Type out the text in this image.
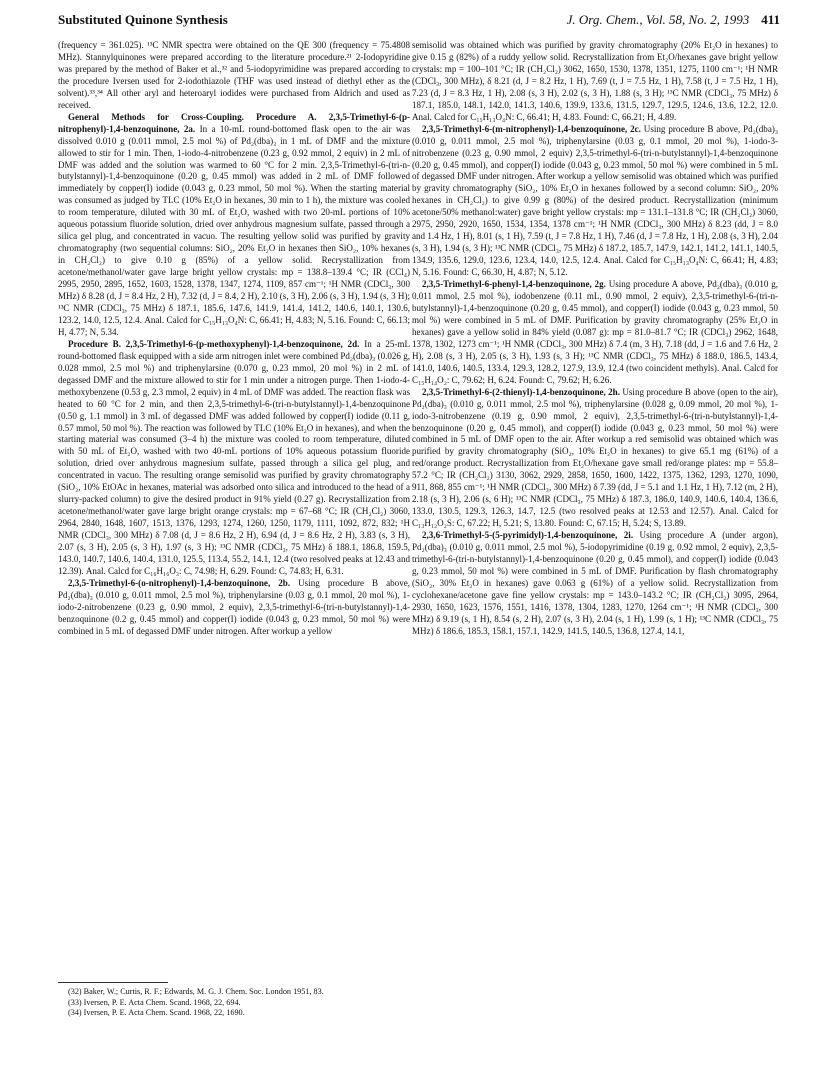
Substituted Quinone Synthesis	J. Org. Chem., Vol. 58, No. 2, 1993 411

(frequency = 361.025). ¹³C NMR spectra were obtained on the QE 300 (frequency = 75.4808 MHz). Stannylquinones were prepared according to the literature procedure.²¹ 2-Iodopyridine was prepared by the method of Baker et al.,³² and 5-iodopyrimidine was prepared according to the procedure Iversen used for 2-iodothiazole (THF was used instead of diethyl ether as the solvent).³³,³⁴ All other aryl and heteroaryl iodides were purchased from Aldrich and used as received.

General Methods for Cross-Coupling. Procedure A. 2,3,5-Trimethyl-6-(p-nitrophenyl)-1,4-benzoquinone, 2a. In a 10-mL round-bottomed flask open to the air was dissolved 0.010 g (0.011 mmol, 2.5 mol %) of Pd₂(dba)₃ in 1 mL of DMF and the mixture allowed to stir for 1 min. Then, 1-iodo-4-nitrobenzene (0.23 g, 0.92 mmol, 2 equiv) in 2 mL of DMF was added and the solution was warmed to 60 °C for 2 min. 2,3,5-Trimethyl-6-(tri-n-butylstannyl)-1,4-benzoquinone (0.20 g, 0.45 mmol) was added in 2 mL of DMF followed immediately by copper(I) iodide (0.043 g, 0.23 mmol, 50 mol %). When the starting material was consumed as judged by TLC (10% Et₂O in hexanes, 30 min to 1 h), the mixture was cooled to room temperature, diluted with 30 mL of Et₂O, washed with two 20-mL portions of 10% aqueous potassium fluoride solution, dried over anhydrous magnesium sulfate, passed through a silica gel plug, and concentrated in vacuo. The resulting yellow solid was purified by gravity chromatography (two sequential columns: SiO₂, 20% Et₂O in hexanes then SiO₂, 10% hexanes in CH₂Cl₂) to give 0.10 g (85%) of a yellow solid. Recrystallization from acetone/methanol/water gave large bright yellow crystals: mp = 138.8–139.4 °C; IR (CCl₄) 2995, 2950, 2895, 1652, 1603, 1528, 1378, 1347, 1274, 1109, 857 cm⁻¹; ¹H NMR (CDCl₃, 300 MHz) δ 8.28 (d, J = 8.4 Hz, 2 H), 7.32 (d, J = 8.4, 2 H), 2.10 (s, 3 H), 2.06 (s, 3 H), 1.94 (s, 3 H); ¹³C NMR (CDCl₃, 75 MHz) δ 187.1, 185.6, 147.6, 141.9, 141.4, 141.2, 140.6, 140.1, 130.6, 123.2, 14.0, 12.5, 12.4. Anal. Calcd for C₁₅H₁₃O₄N: C, 66.41; H, 4.83; N, 5.16. Found: C, 66.13; H, 4.77; N, 5.34.

Procedure B. 2,3,5-Trimethyl-6-(p-methoxyphenyl)-1,4-benzoquinone, 2d. In a 25-mL round-bottomed flask equipped with a side arm nitrogen inlet were combined Pd₂(dba)₃ (0.026 g, 0.028 mmol, 2.5 mol %) and triphenylarsine (0.070 g, 0.23 mmol, 20 mol %) in 2 mL of degassed DMF and the mixture allowed to stir for 1 min under a nitrogen purge. Then 1-iodo-4-methoxybenzene (0.53 g, 2.3 mmol, 2 equiv) in 4 mL of DMF was added. The reaction flask was heated to 60 °C for 2 min, and then 2,3,5-trimethyl-6-(tri-n-butylstannyl)-1,4-benzoquinone (0.50 g, 1.1 mmol) in 3 mL of degassed DMF was added followed by copper(I) iodide (0.11 g, 0.57 mmol, 50 mol %). The reaction was followed by TLC (10% Et₂O in hexanes), and when the starting material was consumed (3–4 h) the mixture was cooled to room temperature, diluted with 50 mL of Et₂O, washed with two 40-mL portions of 10% aqueous potassium fluoride solution, dried over anhydrous magnesium sulfate, passed through a silica gel plug, and concentrated in vacuo. The resulting orange semisolid was purified by gravity chromatography (SiO₂, 10% EtOAc in hexanes, material was adsorbed onto silica and introduced to the head of a slurry-packed column) to give the desired product in 91% yield (0.27 g). Recrystallization from acetone/methanol/water gave large bright orange crystals: mp = 67–68 °C; IR (CH₂Cl₂) 3060, 2964, 2840, 1648, 1607, 1513, 1376, 1293, 1274, 1260, 1250, 1179, 1111, 1092, 872, 832; ¹H NMR (CDCl₃, 300 MHz) δ 7.08 (d, J = 8.6 Hz, 2 H), 6.94 (d, J = 8.6 Hz, 2 H), 3.83 (s, 3 H), 2.07 (s, 3 H), 2.05 (s, 3 H), 1.97 (s, 3 H); ¹³C NMR (CDCl₃, 75 MHz) δ 188.1, 186.8, 159.5, 143.0, 140.7, 140.6, 140.4, 131.0, 125.5, 113.4, 55.2, 14.1, 12.4 (two resolved peaks at 12.43 and 12.39). Anal. Calcd for C₁₆H₁₆O₃: C, 74.98; H, 6.29. Found: C, 74.83; H, 6.31.

2,3,5-Trimethyl-6-(o-nitrophenyl)-1,4-benzoquinone, 2b. Using procedure B above, Pd₂(dba)₃ (0.010 g, 0.011 mmol, 2.5 mol %), triphenylarsine (0.03 g, 0.1 mmol, 20 mol %), 1-iodo-2-nitrobenzene (0.23 g, 0.90 mmol, 2 equiv), 2,3,5-trimethyl-6-(tri-n-butylstannyl)-1,4-benzoquinone (0.2 g, 0.45 mmol) and copper(I) iodide (0.043 g, 0.23 mmol, 50 mol %) were combined in 5 mL of degassed DMF under nitrogen. After workup a yellow

semisolid was obtained which was purified by gravity chromatography (20% Et₂O in hexanes) to give 0.15 g (82%) of a ruddy yellow solid. Recrystallization from Et₂O/hexanes gave bright yellow crystals: mp = 100–101 °C; IR (CH₂Cl₂) 3062, 1650, 1530, 1378, 1351, 1275, 1100 cm⁻¹; ¹H NMR (CDCl₃, 300 MHz), δ 8.21 (d, J = 8.2 Hz, 1 H), 7.69 (t, J = 7.5 Hz, 1 H), 7.58 (t, J = 7.5 Hz, 1 H), 7.23 (d, J = 8.3 Hz, 1 H), 2.08 (s, 3 H), 2.02 (s, 3 H), 1.88 (s, 3 H); ¹³C NMR (CDCl₃, 75 MHz) δ 187.1, 185.0, 148.1, 142.0, 141.3, 140.6, 139.9, 133.6, 131.5, 129.7, 129.5, 124.6, 13.6, 12.2, 12.0. Anal. Calcd for C₁₅H₁₃O₄N: C, 66.41; H, 4.83. Found: C, 66.21; H, 4.89.

2,3,5-Trimethyl-6-(m-nitrophenyl)-1,4-benzoquinone, 2c. Using procedure B above, Pd₂(dba)₃ (0.010 g, 0.011 mmol, 2.5 mol %), triphenylarsine (0.03 g, 0.1 mmol, 20 mol %), 1-iodo-3-nitrobenzene (0.23 g, 0.90 mmol, 2 equiv) 2,3,5-trimethyl-6-(tri-n-butylstannyl)-1,4-benzoquinone (0.20 g, 0.45 mmol), and copper(I) iodide (0.043 g, 0.23 mmol, 50 mol %) were combined in 5 mL of degassed DMF under nitrogen. After workup a yellow semisolid was obtained which was purified by gravity chromatography (SiO₂, 10% Et₂O in hexanes followed by a second column: SiO₂, 20% hexanes in CH₂Cl₂) to give 0.99 g (80%) of the desired product. Recrystallization (minimum acetone/50% methanol:water) gave bright yellow crystals: mp = 131.1–131.8 °C; IR (CH₂Cl₂) 3060, 2975, 2950, 2920, 1650, 1534, 1354, 1378 cm⁻¹; ¹H NMR (CDCl₃, 300 MHz) δ 8.23 (dd, J = 8.0 and 1.4 Hz, 1 H), 8.01 (s, 1 H), 7.59 (t, J = 7.8 Hz, 1 H), 7.46 (d, J = 7.8 Hz, 1 H), 2.08 (s, 3 H), 2.04 (s, 3 H), 1.94 (s, 3 H); ¹³C NMR (CDCl₃, 75 MHz) δ 187.2, 185.7, 147.9, 142.1, 141.2, 141.1, 140.5, 134.9, 135.6, 129.0, 123.6, 123.4, 14.0, 12.5, 12.4. Anal. Calcd for C₁₅H₁₃O₄N: C, 66.41; H, 4.83; N, 5.16. Found: C, 66.30, H, 4.87; N, 5.12.

2,3,5-Trimethyl-6-phenyl-1,4-benzoquinone, 2g. Using procedure A above, Pd₂(dba)₃ (0.010 g, 0.011 mmol, 2.5 mol %), iodobenzene (0.11 mL, 0.90 mmol, 2 equiv), 2,3,5-trimethyl-6-(tri-n-butylstannyl)-1,4-benzoquinone (0.20 g, 0.45 mmol), and copper(I) iodide (0.043 g, 0.23 mmol, 50 mol %) were combined in 5 mL of DMF. Purification by gravity chromatography (25% Et₂O in hexanes) gave a yellow solid in 84% yield (0.087 g): mp = 81.0–81.7 °C; IR (CDCl₃) 2962, 1648, 1378, 1302, 1273 cm⁻¹; ¹H NMR (CDCl₃, 300 MHz) δ 7.4 (m, 3 H), 7.18 (dd, J = 1.6 and 7.6 Hz, 2 H), 2.08 (s, 3 H), 2.05 (s, 3 H), 1.93 (s, 3 H); ¹³C NMR (CDCl₃, 75 MHz) δ 188.0, 186.5, 143.4, 141.0, 140.6, 140.5, 133.4, 129.3, 128.2, 127.9, 13.9, 12.4 (two coincident methyls). Anal. Calcd for C₁₅H₁₄O₂: C, 79.62; H, 6.24. Found: C, 79.62; H, 6.26.

2,3,5-Trimethyl-6-(2-thienyl)-1,4-benzoquinone, 2h. Using procedure B above (open to the air), Pd₂(dba)₃ (0.010 g, 0.011 mmol, 2.5 mol %), triphenylarsine (0.028 g, 0.09 mmol, 20 mol %), 1-iodo-3-nitrobenzene (0.19 g, 0.90 mmol, 2 equiv), 2,3,5-trimethyl-6-(tri-n-butylstannyl)-1,4-benzoquinone (0.20 g, 0.45 mmol), and copper(I) iodide (0.043 g, 0.23 mmol, 50 mol %) were combined in 5 mL of DMF open to the air. After workup a red semisolid was obtained which was purified by gravity chromatography (SiO₂, 10% Et₂O in hexanes) to give 65.1 mg (61%) of a red/orange product. Recrystallization from Et₂O/hexane gave small red/orange plates: mp = 55.8–57.2 °C; IR (CH₂Cl₂) 3130, 3062, 2929, 2858, 1650, 1600, 1422, 1375, 1362, 1293, 1270, 1090, 911, 868, 855 cm⁻¹; ¹H NMR (CDCl₃, 300 MHz) δ 7.39 (dd, J = 5.1 and 1.1 Hz, 1 H), 7.12 (m, 2 H), 2.18 (s, 3 H), 2.06 (s, 6 H); ¹³C NMR (CDCl₃, 75 MHz) δ 187.3, 186.0, 140.9, 140.6, 140.4, 136.6, 133.0, 130.5, 129.3, 126.3, 14.7, 12.5 (two resolved peaks at 12.53 and 12.57). Anal. Calcd for C₁₃H₁₂O₂S: C, 67.22; H, 5.21; S, 13.80. Found: C, 67.15; H, 5.24; S, 13.89.

2,3,6-Trimethyl-5-(5-pyrimidyl)-1,4-benzoquinone, 2i. Using procedure A (under argon), Pd₂(dba)₃ (0.010 g, 0.011 mmol, 2.5 mol %), 5-iodopyrimidine (0.19 g, 0.92 mmol, 2 equiv), 2,3,5-trimethyl-6-(tri-n-butylstannyl)-1,4-benzoquinone (0.20 g, 0.45 mmol), and copper(I) iodide (0.043 g, 0.23 mmol, 50 mol %) were combined in 5 mL of DMF. Purification by flash chromatography (SiO₂, 30% Et₂O in hexanes) gave 0.063 g (61%) of a yellow solid. Recrystallization from cyclohexane/acetone gave fine yellow crystals: mp = 143.0–143.2 °C; IR (CH₂Cl₂) 3095, 2964, 2930, 1650, 1623, 1576, 1551, 1416, 1378, 1304, 1283, 1270, 1264 cm⁻¹; ¹H NMR (CDCl₃, 300 MHz) δ 9.19 (s, 1 H), 8.54 (s, 2 H), 2.07 (s, 3 H), 2.04 (s, 1 H), 1.99 (s, 1 H); ¹³C NMR (CDCl₃, 75 MHz) δ 186.6, 185.3, 158.1, 157.1, 142.9, 141.5, 140.5, 136.8, 127.4, 14.1,

(32) Baker, W.; Curtis, R. F.; Edwards, M. G. J. Chem. Soc. London 1951, 83.
(33) Iversen, P. E. Acta Chem. Scand. 1968, 22, 694.
(34) Iversen, P. E. Acta Chem. Scand. 1968, 22, 1690.
